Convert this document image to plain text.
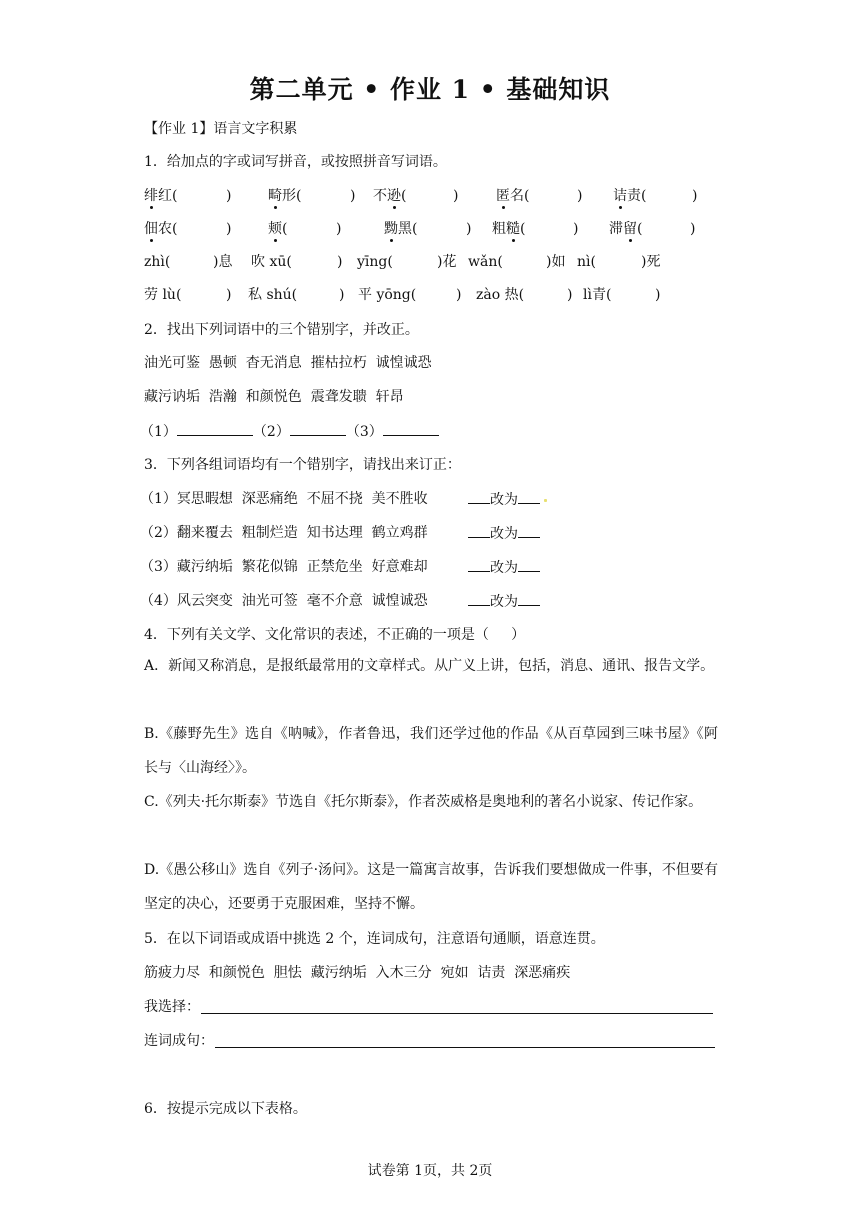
第二单元 • 作业 1 • 基础知识
【作业 1】语言文字积累
1．给加点的字或词写拼音，或按照拼音写词语。
绯红(	)	畸形(	) 不逊(	)	匿名(	) 诘责(	)
佃农(	)	颊(	)	黝黑(	) 粗糙(	) 滞留(	)
zhì(	)息 吹 xū(	) yīng(	)花 wǎn(	)如 nì(	)死
劳 lù(	) 私 shú(	) 平 yōng(	) zào 热(	) lì青(	)
2．找出下列词语中的三个错别字，并改正。
油光可鉴  愚顿  杳无消息  摧枯拉朽  诚惶诚恐
藏污讷垢  浩瀚  和颜悦色  震聋发聩  轩昂
（1）	（2）	（3）
3．下列各组词语均有一个错别字，请找出来订正：
（1）冥思暇想  深恶痛绝  不屈不挠  美不胜收	改为
（2）翻来覆去  粗制烂造  知书达理  鹤立鸡群	改为
（3）藏污纳垢  繁花似锦  正禁危坐  好意难却	改为
（4）风云突变  油光可签  毫不介意  诚惶诚恐	改为
4．下列有关文学、文化常识的表述，不正确的一项是（     ）
A．新闻又称消息，是报纸最常用的文章样式。从广义上讲，包括，消息、通讯、报告文学。
B.《藤野先生》选自《呐喊》，作者鲁迅，我们还学过他的作品《从百草园到三味书屋》《阿长与〈山海经〉》。
C.《列夫·托尔斯泰》节选自《托尔斯泰》，作者茨威格是奥地利的著名小说家、传记作家。
D.《愚公移山》选自《列子·汤问》。这是一篇寓言故事，告诉我们要想做成一件事，不但要有坚定的决心，还要勇于克服困难，坚持不懈。
5．在以下词语或成语中挑选 2 个，连词成句，注意语句通顺，语意连贯。
筋疲力尽  和颜悦色  胆怯  藏污纳垢  入木三分  宛如  诘责  深恶痛疾
我选择：
连词成句：
6．按提示完成以下表格。
试卷第 1页，共 2页
